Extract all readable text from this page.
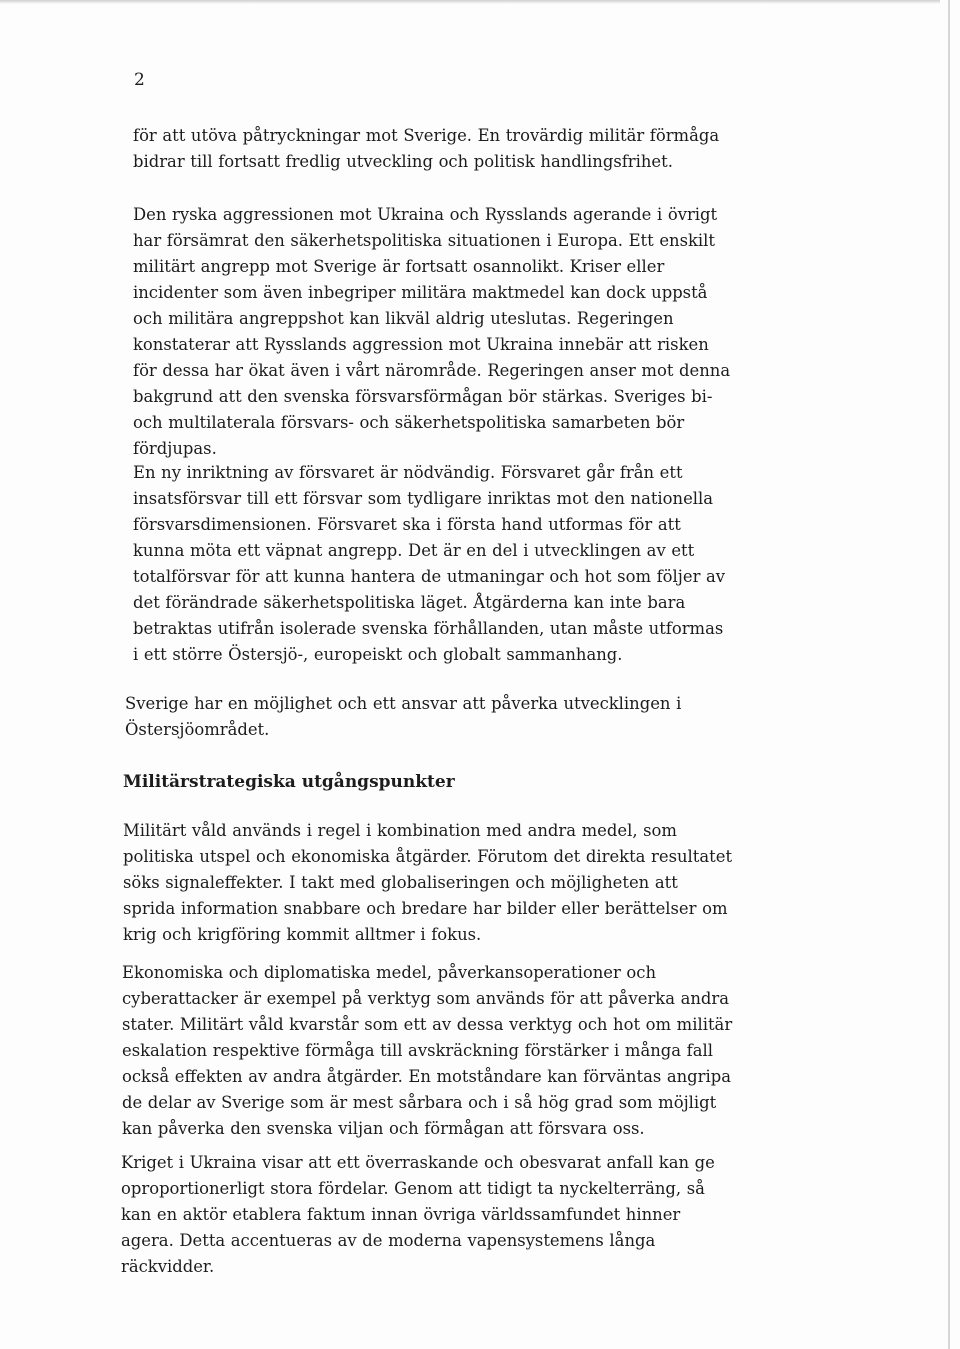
2

för att utöva påtryckningar mot Sverige. En trovärdig militär förmåga bidrar till fortsatt fredlig utveckling och politisk handlingsfrihet.

Den ryska aggressionen mot Ukraina och Rysslands agerande i övrigt har försämrat den säkerhetspolitiska situationen i Europa. Ett enskilt militärt angrepp mot Sverige är fortsatt osannolikt. Kriser eller incidenter som även inbegriper militära maktmedel kan dock uppstå och militära angreppshot kan likväl aldrig uteslutas. Regeringen konstaterar att Rysslands aggression mot Ukraina innebär att risken för dessa har ökat även i vårt närområde. Regeringen anser mot denna bakgrund att den svenska försvarsförmågan bör stärkas. Sveriges bi- och multilaterala försvars- och säkerhetspolitiska samarbeten bör fördjupas.

En ny inriktning av försvaret är nödvändig. Försvaret går från ett insatsförsvar till ett försvar som tydligare inriktas mot den nationella försvarsdimensionen. Försvaret ska i första hand utformas för att kunna möta ett väpnat angrepp. Det är en del i utvecklingen av ett totalförsvar för att kunna hantera de utmaningar och hot som följer av det förändrade säkerhetspolitiska läget. Åtgärderna kan inte bara betraktas utifrån isolerade svenska förhållanden, utan måste utformas i ett större Östersjö-, europeiskt och globalt sammanhang.

Sverige har en möjlighet och ett ansvar att påverka utvecklingen i Östersjöområdet.

Militärstrategiska utgångspunkter

Militärt våld används i regel i kombination med andra medel, som politiska utspel och ekonomiska åtgärder. Förutom det direkta resultatet söks signaleffekter. I takt med globaliseringen och möjligheten att sprida information snabbare och bredare har bilder eller berättelser om krig och krigföring kommit alltmer i fokus.

Ekonomiska och diplomatiska medel, påverkansoperationer och cyberattacker är exempel på verktyg som används för att påverka andra stater. Militärt våld kvarstår som ett av dessa verktyg och hot om militär eskalation respektive förmåga till avskräckning förstärker i många fall också effekten av andra åtgärder. En motståndare kan förväntas angripa de delar av Sverige som är mest sårbara och i så hög grad som möjligt kan påverka den svenska viljan och förmågan att försvara oss.

Kriget i Ukraina visar att ett överraskande och obesvarat anfall kan ge oproportionerligt stora fördelar. Genom att tidigt ta nyckelterräng, så kan en aktör etablera faktum innan övriga världssamfundet hinner agera. Detta accentueras av de moderna vapensystemens långa räckvidder.
